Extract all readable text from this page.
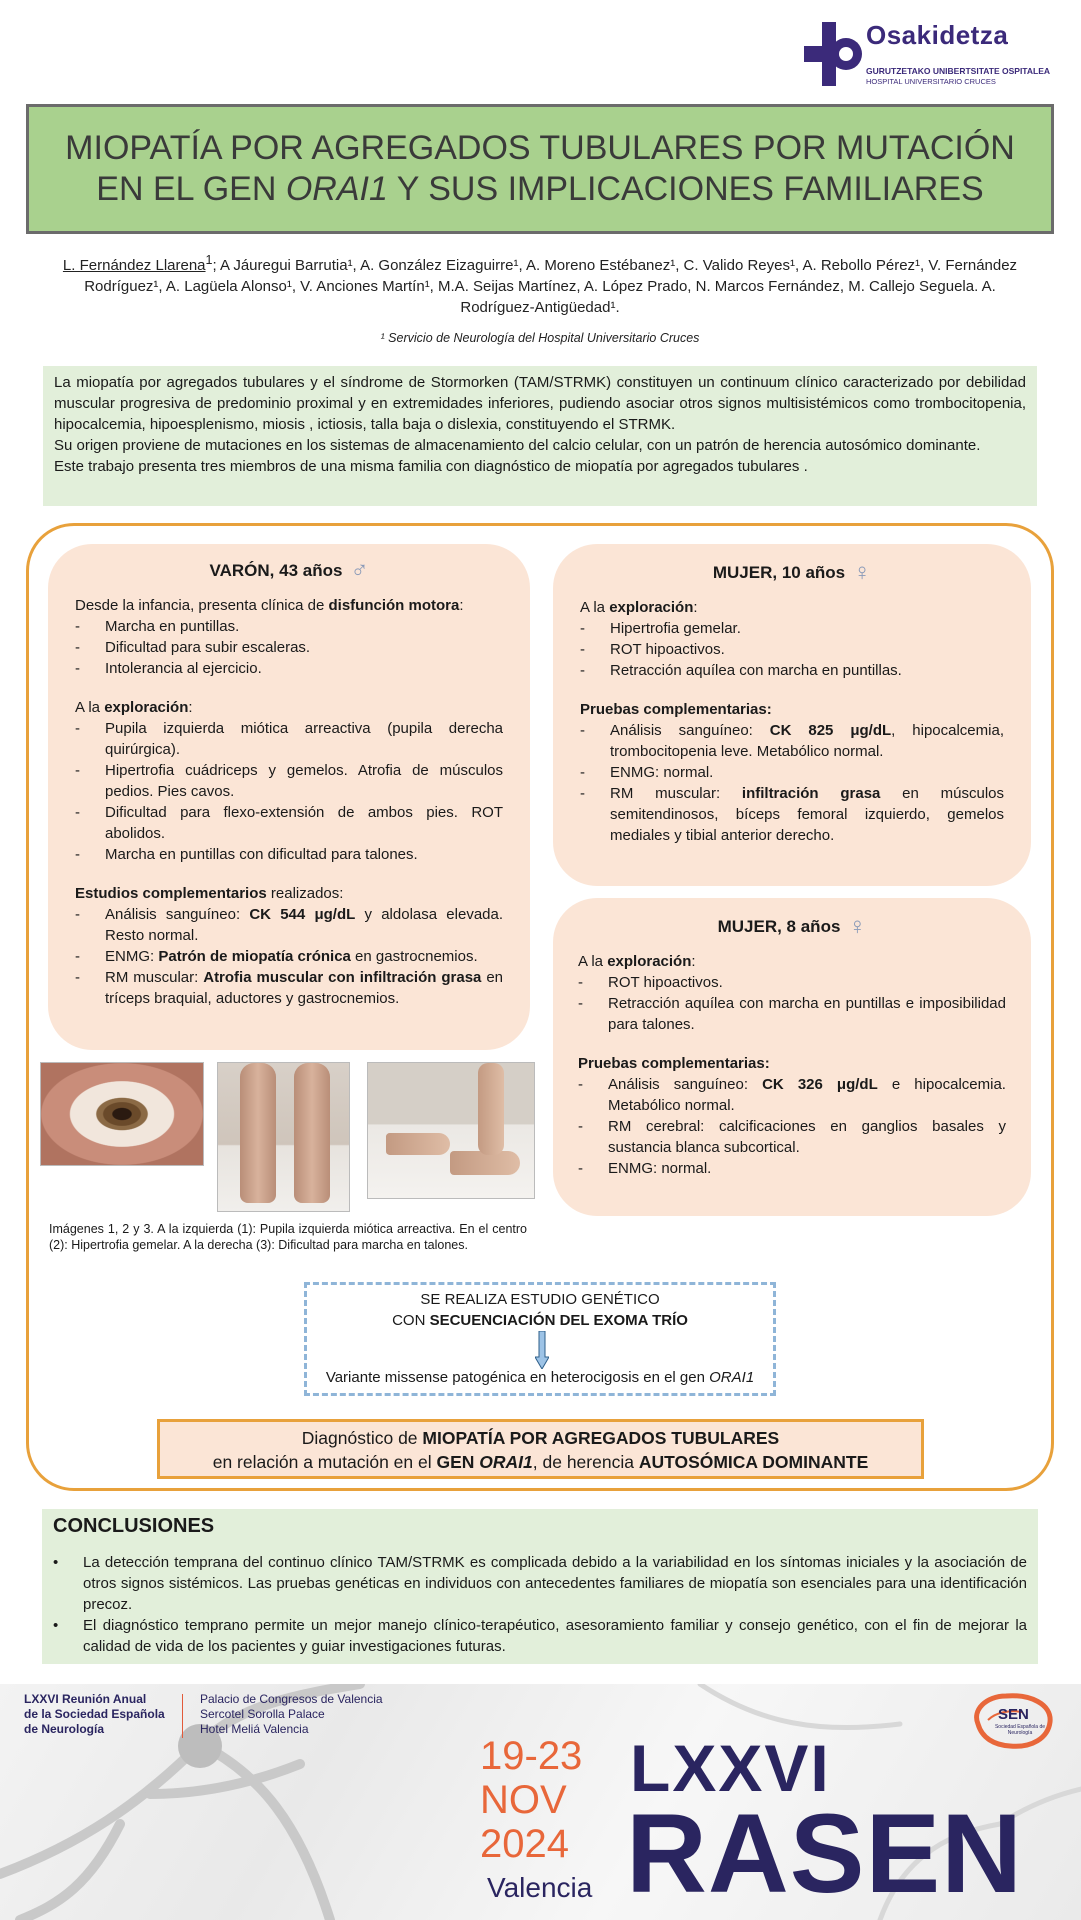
Osakidetza
GURUTZETAKO UNIBERTSITATE OSPITALEA
HOSPITAL UNIVERSITARIO CRUCES
MIOPATÍA POR AGREGADOS TUBULARES POR MUTACIÓN EN EL GEN ORAI1 Y SUS IMPLICACIONES FAMILIARES
L. Fernández Llarena$^1$; A Jáuregui Barrutia¹, A. González Eizaguirre¹, A. Moreno Estébanez¹, C. Valido Reyes¹, A. Rebollo Pérez¹, V. Fernández Rodríguez¹, A. Lagüela Alonso¹, V. Anciones Martín¹, M.A. Seijas Martínez, A. López Prado, N. Marcos Fernández, M. Callejo Seguela. A. Rodríguez-Antigüedad¹.
¹ Servicio de Neurología del Hospital Universitario Cruces

La miopatía por agregados tubulares y el síndrome de Stormorken (TAM/STRMK) constituyen un continuum clínico caracterizado por debilidad muscular progresiva de predominio proximal y en extremidades inferiores, pudiendo asociar otros signos multisistémicos como trombocitopenia, hipocalcemia, hipoesplenismo, miosis , ictiosis, talla baja o dislexia, constituyendo el STRMK.

Su origen proviene de mutaciones en los sistemas de almacenamiento del calcio celular, con un patrón de herencia autosómico dominante.

Este trabajo presenta tres miembros de una misma familia con diagnóstico de miopatía por agregados tubulares .

VARÓN, 43 años ♂
Desde la infancia, presenta clínica de disfunción motora:
- Marcha en puntillas.
- Dificultad para subir escaleras.
- Intolerancia al ejercicio.
A la exploración:
- Pupila izquierda miótica arreactiva (pupila derecha quirúrgica).
- Hipertrofia cuádriceps y gemelos. Atrofia de músculos pedios. Pies cavos.
- Dificultad para flexo-extensión de ambos pies. ROT abolidos.
- Marcha en puntillas con dificultad para talones.
Estudios complementarios realizados:
- Análisis sanguíneo: CK 544 μg/dL y aldolasa elevada. Resto normal.
- ENMG: Patrón de miopatía crónica en gastrocnemios.
- RM muscular: Atrofia muscular con infiltración grasa en tríceps braquial, aductores y gastrocnemios.
MUJER, 10 años ♀
A la exploración:
- Hipertrofia gemelar.
- ROT hipoactivos.
- Retracción aquílea con marcha en puntillas.
Pruebas complementarias:
- Análisis sanguíneo: CK 825 μg/dL, hipocalcemia, trombocitopenia leve. Metabólico normal.
- ENMG: normal.
- RM muscular: infiltración grasa en músculos semitendinosos, bíceps femoral izquierdo, gemelos mediales y tibial anterior derecho.
MUJER, 8 años ♀
A la exploración:
- ROT hipoactivos.
- Retracción aquílea con marcha en puntillas e imposibilidad para talones.
Pruebas complementarias:
- Análisis sanguíneo: CK 326 μg/dL e hipocalcemia. Metabólico normal.
- RM cerebral: calcificaciones en ganglios basales y sustancia blanca subcortical.
- ENMG: normal.
Imágenes 1, 2 y 3. A la izquierda (1): Pupila izquierda miótica arreactiva. En el centro (2): Hipertrofia gemelar. A la derecha (3): Dificultad para marcha en talones.
SE REALIZA ESTUDIO GENÉTICO
CON SECUENCIACIÓN DEL EXOMA TRÍO
Variante missense patogénica en heterocigosis en el gen ORAI1
Diagnóstico de MIOPATÍA POR AGREGADOS TUBULARES
en relación a mutación en el GEN ORAI1, de herencia AUTOSÓMICA DOMINANTE
CONCLUSIONES
• La detección temprana del continuo clínico TAM/STRMK es complicada debido a la variabilidad en los síntomas iniciales y la asociación de otros signos sistémicos. Las pruebas genéticas en individuos con antecedentes familiares de miopatía son esenciales para una identificación precoz.
• El diagnóstico temprano permite un mejor manejo clínico-terapéutico, asesoramiento familiar y consejo genético, con el fin de mejorar la calidad de vida de los pacientes y guiar investigaciones futuras.
LXXVI Reunión Anual
de la Sociedad Española
de Neurología
Palacio de Congresos de Valencia
Sercotel Sorolla Palace
Hotel Meliá Valencia
19-23
NOV
2024
Valencia
LXXVI
RASEN
SEN
Sociedad Española de Neurología
